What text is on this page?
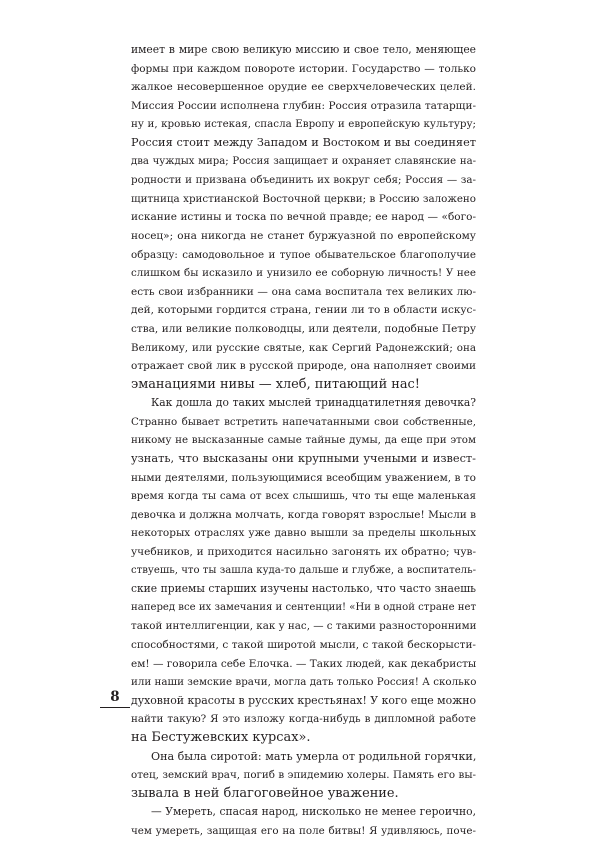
имеет в мире свою великую миссию и свое тело, меняющее
формы при каждом повороте истории. Государство — только
жалкое несовершенное орудие ее сверхчеловеческих целей.
Миссия России исполнена глубин: Россия отразила татарщи-
ну и, кровью истекая, спасла Европу и европейскую культуру;
Россия стоит между Западом и Востоком и вы соединяет
два чуждых мира; Россия защищает и охраняет славянские на-
родности и призвана объединить их вокруг себя; Россия — за-
щитница христианской Восточной церкви; в Россию заложено
искание истины и тоска по вечной правде; ее народ — «бого-
носец»; она никогда не станет буржуазной по европейскому
образцу: самодовольное и тупое обывательское благополучие
слишком бы исказило и унизило ее соборную личность! У нее
есть свои избранники — она сама воспитала тех великих лю-
дей, которыми гордится страна, гении ли то в области искус-
ства, или великие полководцы, или деятели, подобные Петру
Великому, или русские святые, как Сергий Радонежский; она
отражает свой лик в русской природе, она наполняет своими
эманациями нивы — хлеб, питающий нас!
Как дошла до таких мыслей тринадцатилетняя девочка?
Странно бывает встретить напечатанными свои собственные,
никому не высказанные самые тайные думы, да еще при этом
узнать, что высказаны они крупными учеными и извест-
ными деятелями, пользующимися всеобщим уважением, в то
время когда ты сама от всех слышишь, что ты еще маленькая
девочка и должна молчать, когда говорят взрослые! Мысли в
некоторых отраслях уже давно вышли за пределы школьных
учебников, и приходится насильно загонять их обратно; чув-
ствуешь, что ты зашла куда-то дальше и глубже, а воспитатель-
ские приемы старших изучены настолько, что часто знаешь
наперед все их замечания и сентенции! «Ни в одной стране нет
такой интеллигенции, как у нас, — с такими разносторонними
способностями, с такой широтой мысли, с такой бескорысти-
ем! — говорила себе Елочка. — Таких людей, как декабристы
или наши земские врачи, могла дать только Россия! А сколько
духовной красоты в русских крестьянах! У кого еще можно
найти такую? Я это изложу когда-нибудь в дипломной работе
на Бестужевских курсах».
Она была сиротой: мать умерла от родильной горячки,
отец, земский врач, погиб в эпидемию холеры. Память его вы-
зывала в ней благоговейное уважение.
— Умереть, спасая народ, нисколько не менее героично,
чем умереть, защищая его на поле битвы! Я удивляюсь, поче-
8
